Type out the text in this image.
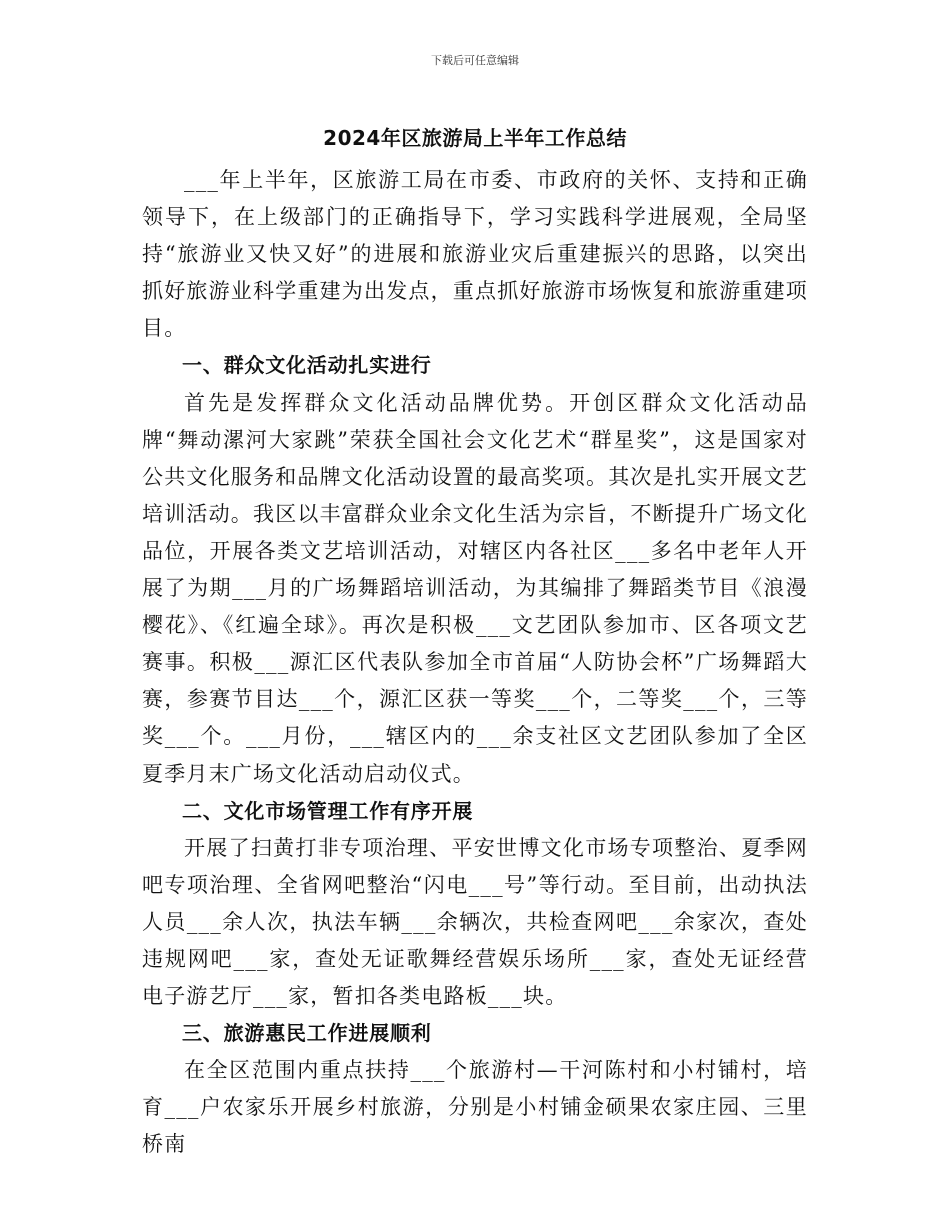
下载后可任意编辑
2024年区旅游局上半年工作总结

___年上半年，区旅游工局在市委、市政府的关怀、支持和正确领导下，在上级部门的正确指导下，学习实践科学进展观，全局坚持“旅游业又快又好”的进展和旅游业灾后重建振兴的思路，以突出抓好旅游业科学重建为出发点，重点抓好旅游市场恢复和旅游重建项目。

一、群众文化活动扎实进行

首先是发挥群众文化活动品牌优势。开创区群众文化活动品牌“舞动漯河大家跳”荣获全国社会文化艺术“群星奖”，这是国家对公共文化服务和品牌文化活动设置的最高奖项。其次是扎实开展文艺培训活动。我区以丰富群众业余文化生活为宗旨，不断提升广场文化品位，开展各类文艺培训活动，对辖区内各社区___多名中老年人开展了为期___月的广场舞蹈培训活动，为其编排了舞蹈类节目《浪漫樱花》、《红遍全球》。再次是积极___文艺团队参加市、区各项文艺赛事。积极___源汇区代表队参加全市首届“人防协会杯”广场舞蹈大赛，参赛节目达___个，源汇区获一等奖___个，二等奖___个，三等奖___个。___月份，___辖区内的___余支社区文艺团队参加了全区夏季月末广场文化活动启动仪式。

二、文化市场管理工作有序开展

开展了扫黄打非专项治理、平安世博文化市场专项整治、夏季网吧专项治理、全省网吧整治“闪电___号”等行动。至目前，出动执法人员___余人次，执法车辆___余辆次，共检查网吧___余家次，查处违规网吧___家，查处无证歌舞经营娱乐场所___家，查处无证经营电子游艺厅___家，暂扣各类电路板___块。

三、旅游惠民工作进展顺利

在全区范围内重点扶持___个旅游村—干河陈村和小村铺村，培育___户农家乐开展乡村旅游，分别是小村铺金硕果农家庄园、三里桥南
